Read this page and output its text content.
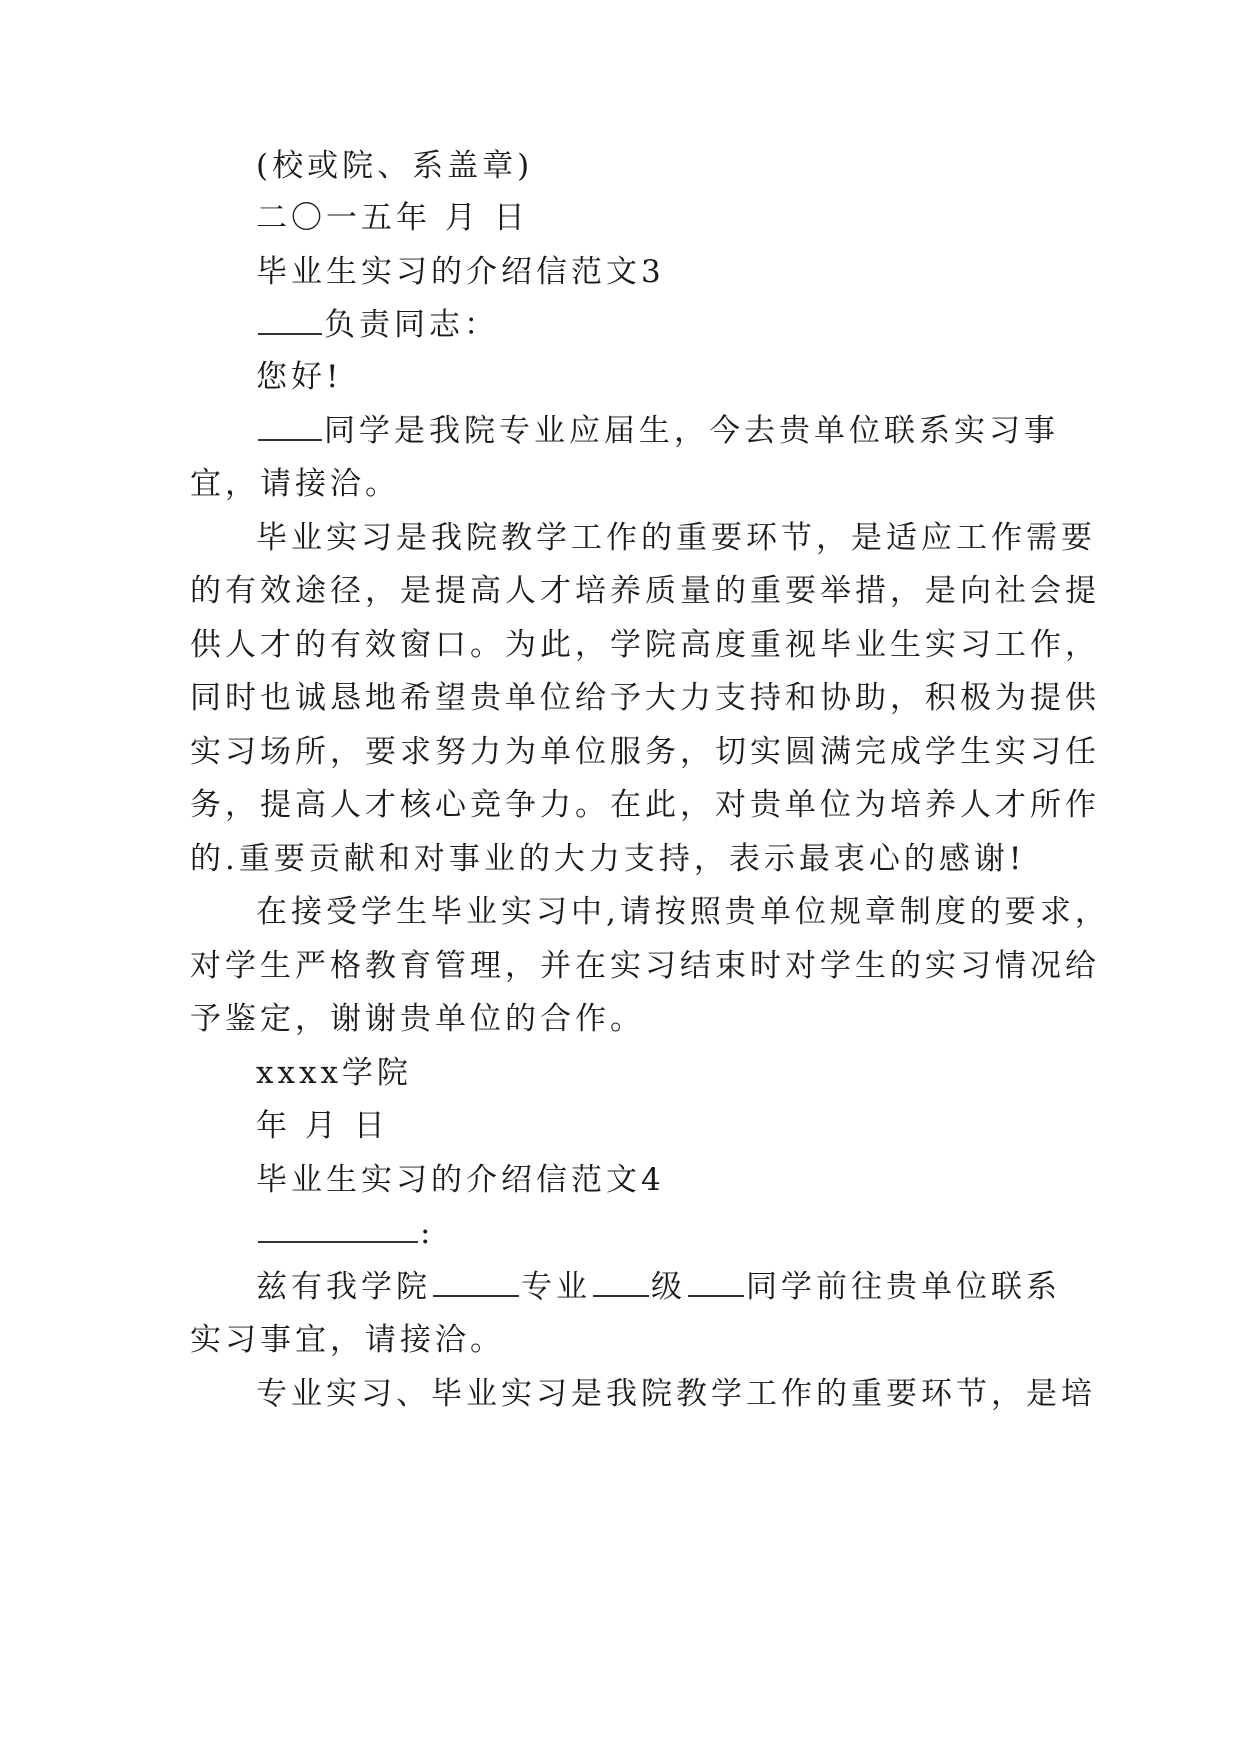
(校或院、系盖章)
二〇一五年 月 日
毕业生实习的介绍信范文3
负责同志：
您好!
同学是我院专业应届生，今去贵单位联系实习事
宜，请接洽。
毕业实习是我院教学工作的重要环节，是适应工作需要
的有效途径，是提高人才培养质量的重要举措，是向社会提
供人才的有效窗口。为此，学院高度重视毕业生实习工作，
同时也诚恳地希望贵单位给予大力支持和协助，积极为提供
实习场所，要求努力为单位服务，切实圆满完成学生实习任
务，提高人才核心竞争力。在此，对贵单位为培养人才所作
的.重要贡献和对事业的大力支持，表示最衷心的感谢!
在接受学生毕业实习中,请按照贵单位规章制度的要求，
对学生严格教育管理，并在实习结束时对学生的实习情况给
予鉴定，谢谢贵单位的合作。
xxxx学院
年 月 日
毕业生实习的介绍信范文4
:
兹有我学院	专业 级 同学前往贵单位联系
实习事宜，请接洽。
专业实习、毕业实习是我院教学工作的重要环节，是培
